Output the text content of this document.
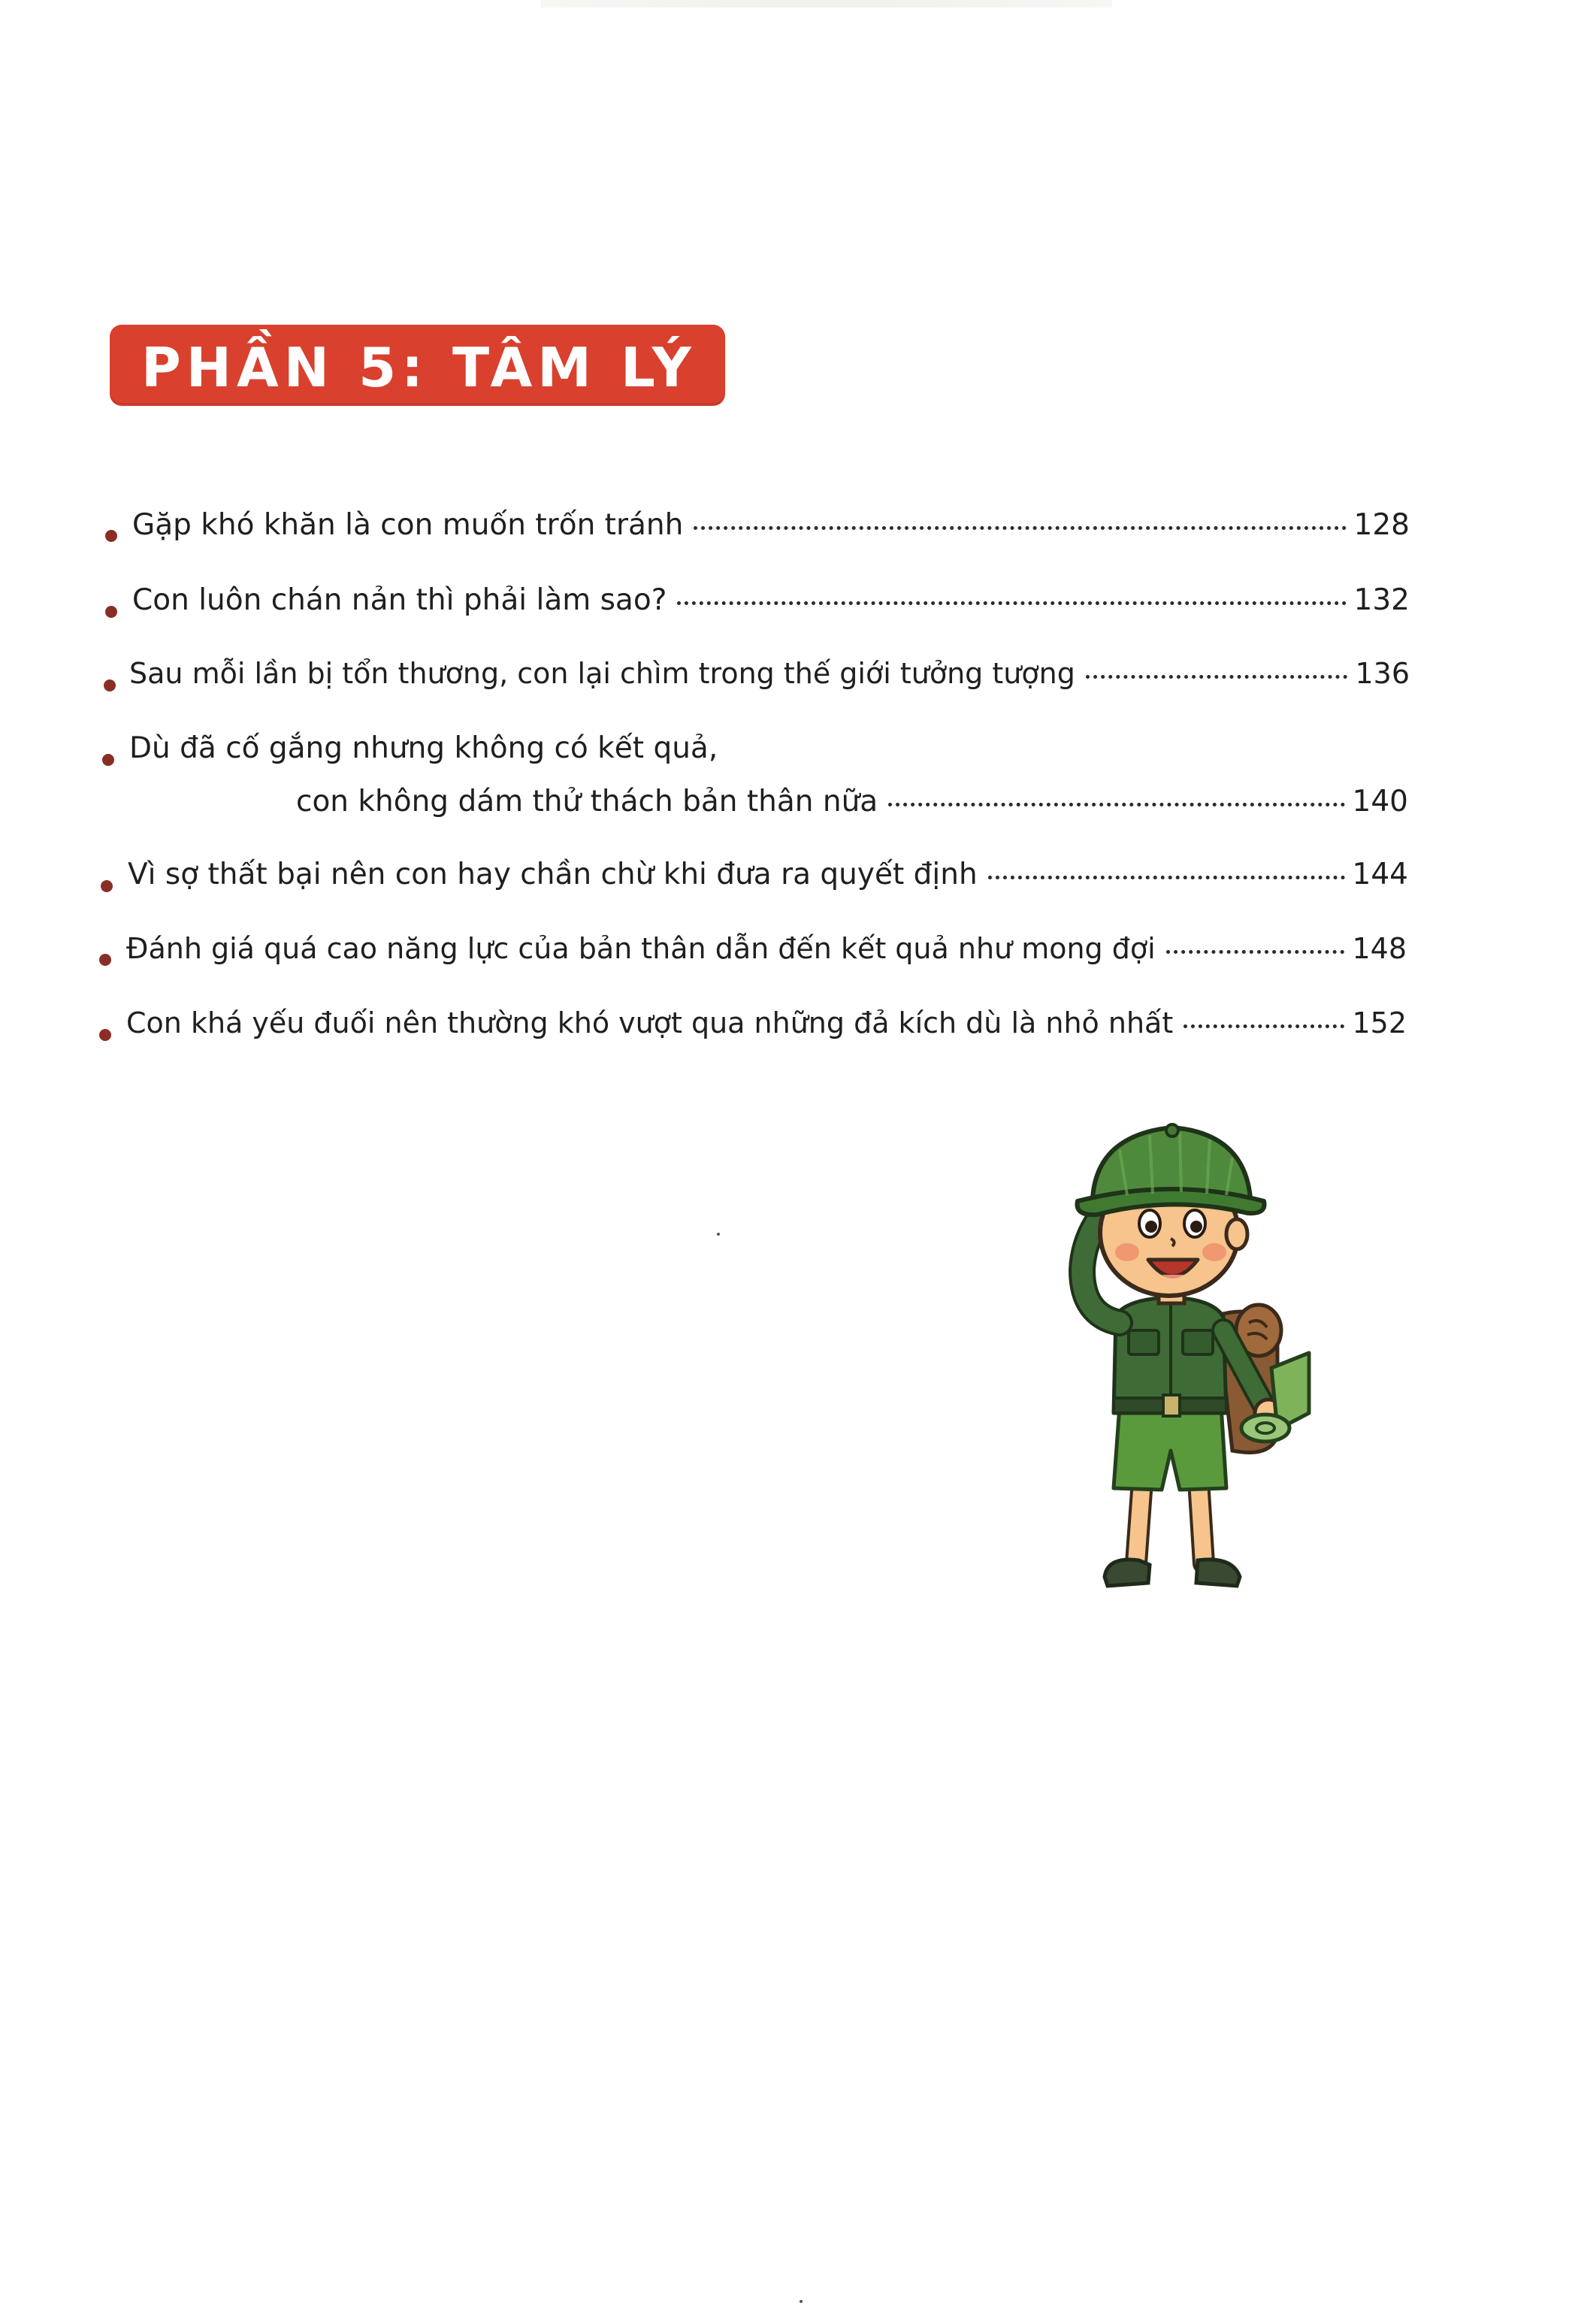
PHẦN 5: TÂM LÝ
Gặp khó khăn là con muốn trốn tránh	128
Con luôn chán nản thì phải làm sao?	132
Sau mỗi lần bị tổn thương, con lại chìm trong thế giới tưởng tượng	136
Dù đã cố gắng nhưng không có kết quả,
con không dám thử thách bản thân nữa	140
Vì sợ thất bại nên con hay chần chừ khi đưa ra quyết định	144
Đánh giá quá cao năng lực của bản thân dẫn đến kết quả như mong đợi	148
Con khá yếu đuối nên thường khó vượt qua những đả kích dù là nhỏ nhất	152
